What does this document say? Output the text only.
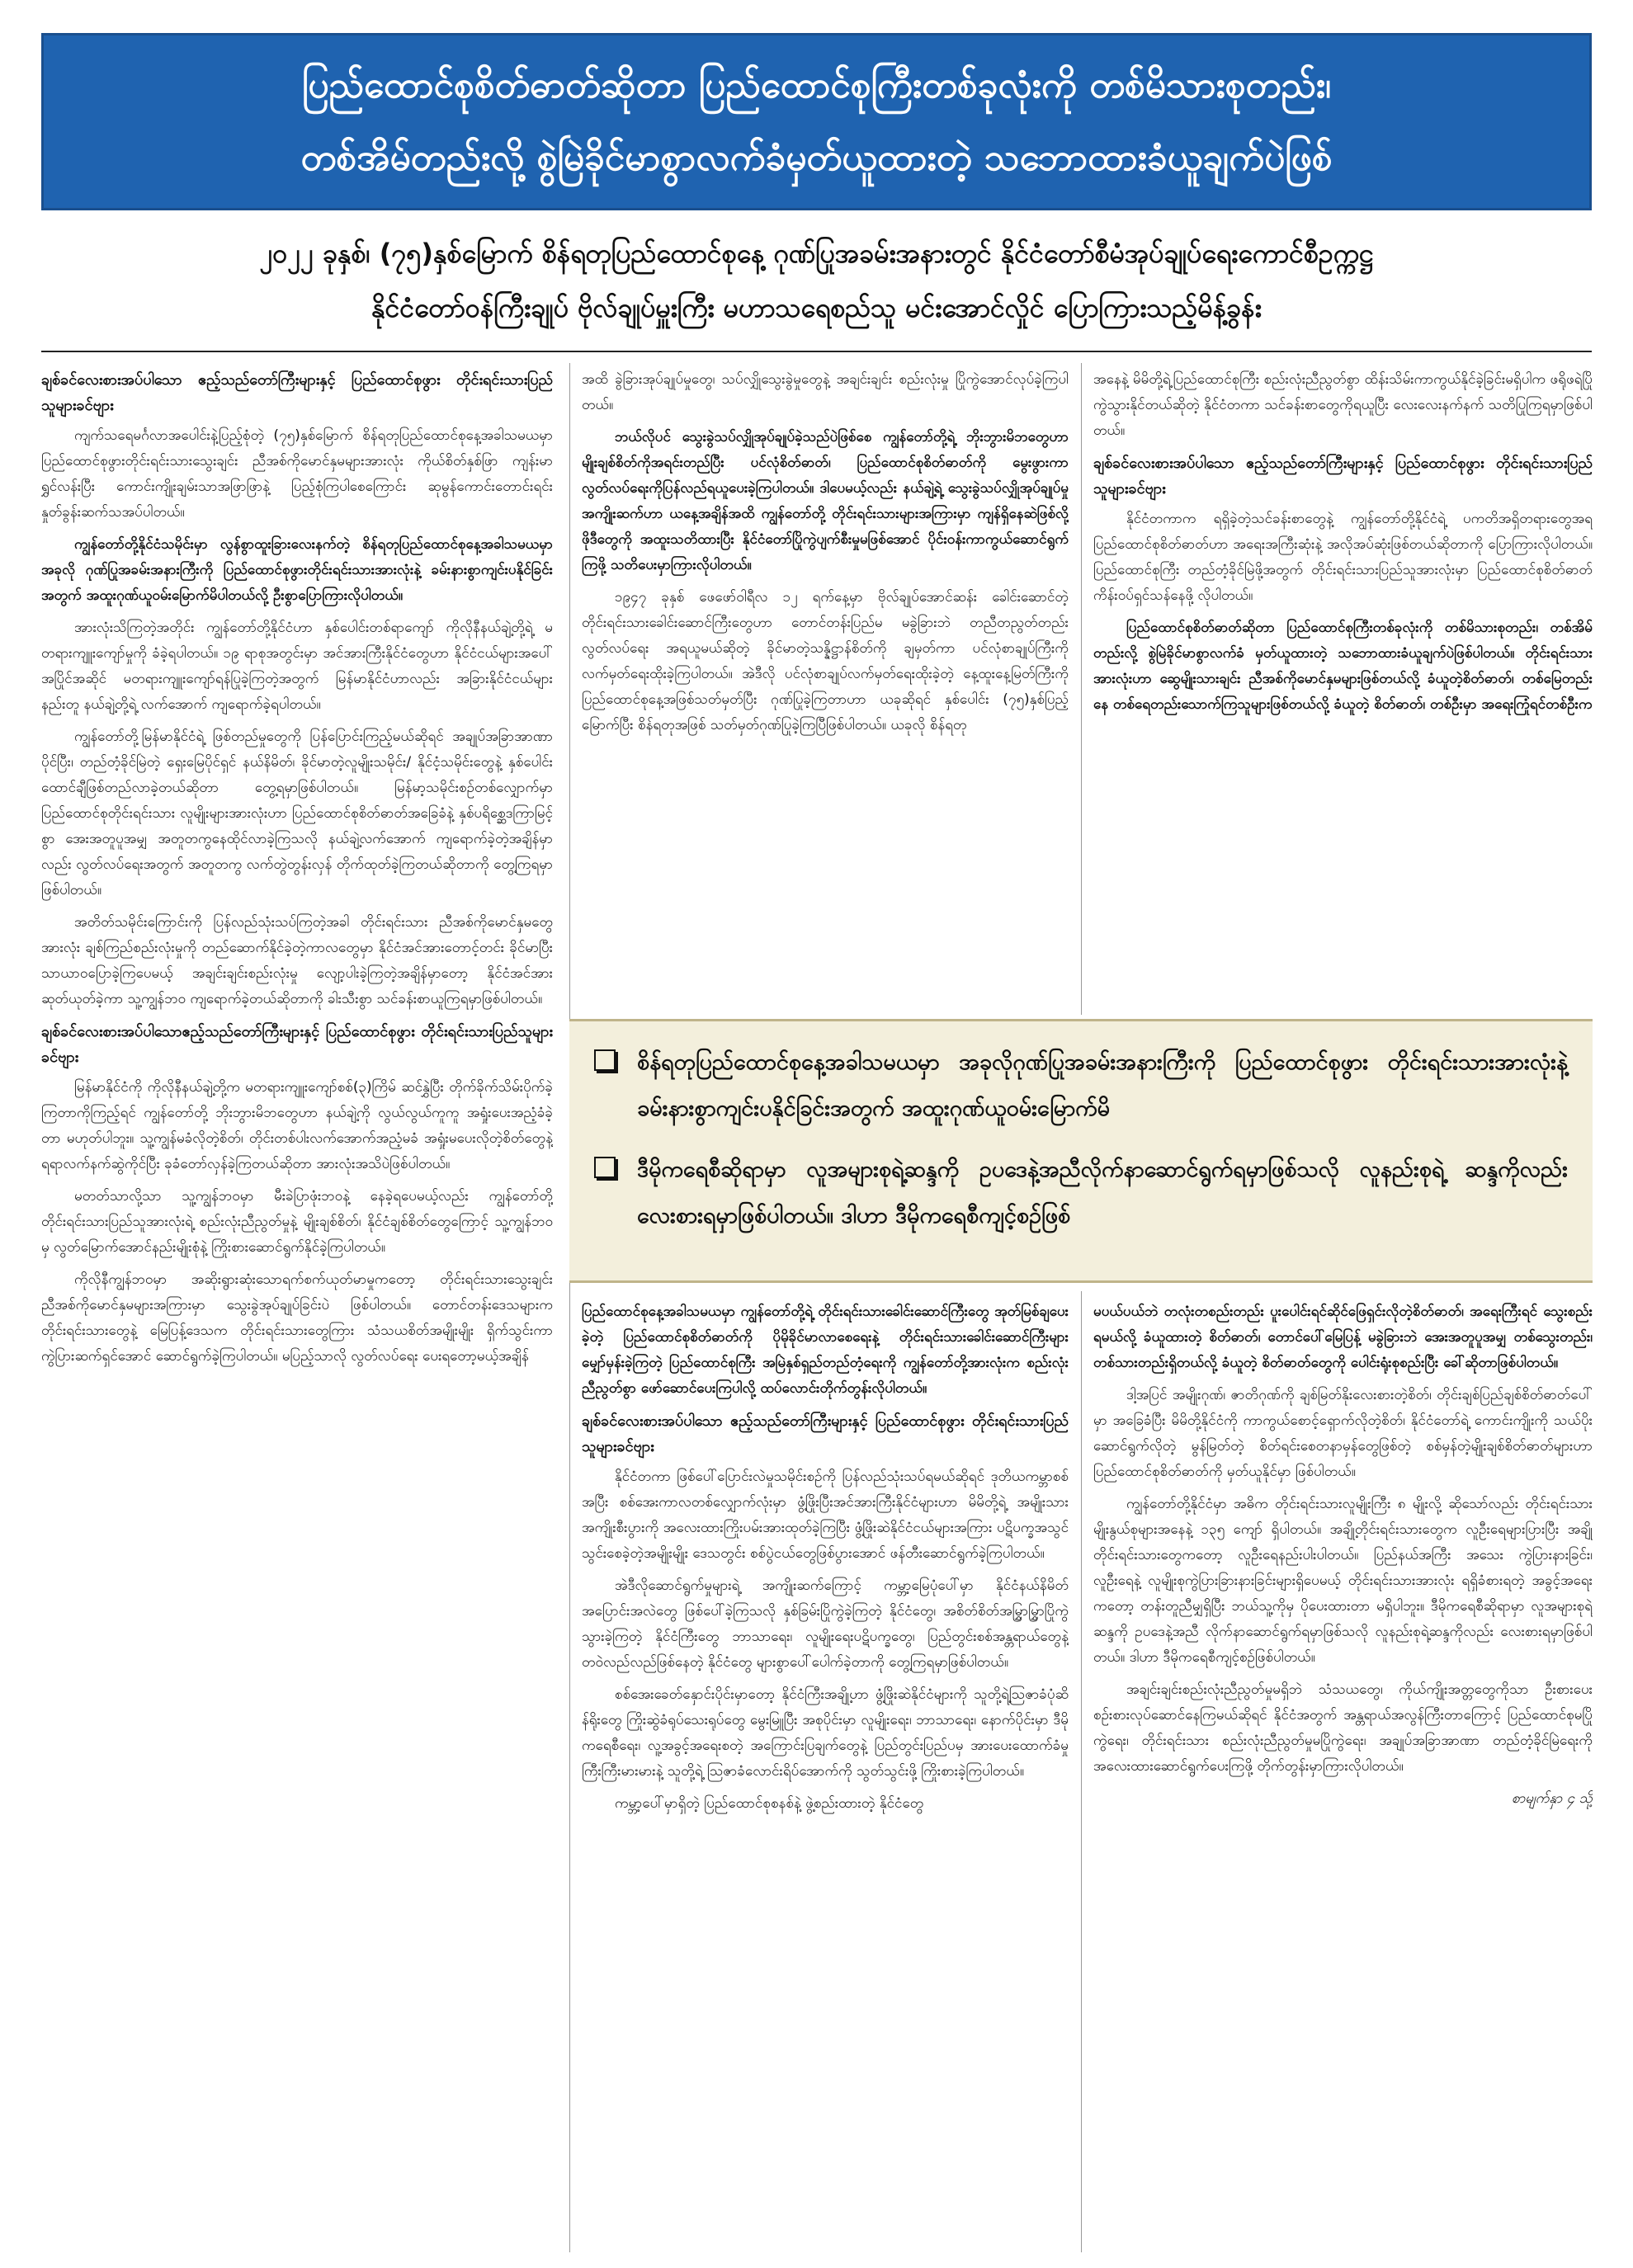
ပြည်ထောင်စုစိတ်ဓာတ်ဆိုတာ ပြည်ထောင်စုကြီးတစ်ခုလုံးကို တစ်မိသားစုတည်း၊
တစ်အိမ်တည်းလို့ စွဲမြဲခိုင်မာစွာလက်ခံမှတ်ယူထားတဲ့ သဘောထားခံယူချက်ပဲဖြစ်
၂၀၂၂ ခုနှစ်၊ (၇၅)နှစ်မြောက် စိန်ရတုပြည်ထောင်စုနေ့ ဂုဏ်ပြုအခမ်းအနားတွင် နိုင်ငံတော်စီမံအုပ်ချုပ်ရေးကောင်စီဥက္ကဋ္ဌ
နိုင်ငံတော်ဝန်ကြီးချုပ် ဗိုလ်ချုပ်မှူးကြီး မဟာသရေစည်သူ မင်းအောင်လှိုင် ပြောကြားသည့်မိန့်ခွန်း

ချစ်ခင်လေးစားအပ်ပါသော ဧည့်သည်တော်ကြီးများနှင့် ပြည်ထောင်စုဖွား တိုင်းရင်းသားပြည်သူများခင်ဗျား

ကျက်သရေမင်္ဂလာအပေါင်းနဲ့ပြည့်စုံတဲ့ (၇၅)နှစ်မြောက် စိန်ရတုပြည်ထောင်စုနေ့အခါသမယမှာ ပြည်ထောင်စုဖွားတိုင်းရင်းသားသွေးချင်း ညီအစ်ကိုမောင်နှမများအားလုံး ကိုယ်စိတ်နှစ်ဖြာ ကျန်းမာရွှင်လန်းပြီး ကောင်းကျိုးချမ်းသာအဖြာဖြာနဲ့ ပြည့်စုံကြပါစေကြောင်း ဆုမွန်ကောင်းတောင်းရင်း နှုတ်ခွန်းဆက်သအပ်ပါတယ်။

ကျွန်တော်တို့နိုင်ငံသမိုင်းမှာ လွန်စွာထူးခြားလေးနက်တဲ့ စိန်ရတုပြည်ထောင်စုနေ့အခါသမယမှာ အခုလို ဂုဏ်ပြုအခမ်းအနားကြီးကို ပြည်ထောင်စုဖွားတိုင်းရင်းသားအားလုံးနဲ့ ခမ်းနားစွာကျင်းပနိုင်ခြင်းအတွက် အထူးဂုဏ်ယူဝမ်းမြောက်မိပါတယ်လို့ ဦးစွာပြောကြားလိုပါတယ်။

အားလုံးသိကြတဲ့အတိုင်း ကျွန်တော်တို့နိုင်ငံဟာ နှစ်ပေါင်းတစ်ရာကျော် ကိုလိုနီနယ်ချဲ့တို့ရဲ့ မတရားကျူးကျော်မှုကို ခံခဲ့ရပါတယ်။ ၁၉ ရာစုအတွင်းမှာ အင်အားကြီးနိုင်ငံတွေဟာ နိုင်ငံငယ်များအပေါ် အပြိုင်အဆိုင် မတရားကျူးကျော်ရန်ပြုခဲ့ကြတဲ့အတွက် မြန်မာနိုင်ငံဟာလည်း အခြားနိုင်ငံငယ်များနည်းတူ နယ်ချဲ့တို့ရဲ့ လက်အောက် ကျရောက်ခဲ့ရပါတယ်။

ကျွန်တော်တို့မြန်မာနိုင်ငံရဲ့ ဖြစ်တည်မှုတွေကို ပြန်ပြောင်းကြည့်မယ်ဆိုရင် အချုပ်အခြာအာဏာပိုင်ပြီး၊ တည်တံ့ခိုင်မြဲတဲ့ ရှေးမြေပိုင်ရှင် နယ်နိမိတ်၊ ခိုင်မာတဲ့လူမျိုးသမိုင်း/ နိုင်ငံ့သမိုင်းတွေနဲ့ နှစ်ပေါင်းထောင်ချီဖြစ်တည်လာခဲ့တယ်ဆိုတာ တွေ့ရမှာဖြစ်ပါတယ်။ မြန်မာ့သမိုင်းစဉ်တစ်လျှောက်မှာ ပြည်ထောင်စုတိုင်းရင်းသား လူမျိုးများအားလုံးဟာ ပြည်ထောင်စုစိတ်ဓာတ်အခြေခံနဲ့ နှစ်ပရိစ္ဆေဒကြာမြင့်စွာ အေးအတူပူအမျှ အတူတကွနေထိုင်လာခဲ့ကြသလို နယ်ချဲ့လက်အောက် ကျရောက်ခဲ့တဲ့အချိန်မှာလည်း လွတ်လပ်ရေးအတွက် အတူတကွ လက်တွဲတွန်းလှန် တိုက်ထုတ်ခဲ့ကြတယ်ဆိုတာကို တွေ့ကြရမှာဖြစ်ပါတယ်။

အတိတ်သမိုင်းကြောင်းကို ပြန်လည်သုံးသပ်ကြတဲ့အခါ တိုင်းရင်းသား ညီအစ်ကိုမောင်နှမတွေအားလုံး ချစ်ကြည်စည်းလုံးမှုကို တည်ဆောက်နိုင်ခဲ့တဲ့ကာလတွေမှာ နိုင်ငံအင်အားတောင့်တင်း ခိုင်မာပြီး သာယာဝပြောခဲ့ကြပေမယ့် အချင်းချင်းစည်းလုံးမှု လျော့ပါးခဲ့ကြတဲ့အချိန်မှာတော့ နိုင်ငံအင်အားဆုတ်ယုတ်ခဲ့ကာ သူ့ကျွန်ဘဝ ကျရောက်ခဲ့တယ်ဆိုတာကို ခါးသီးစွာ သင်ခန်းစာယူကြရမှာဖြစ်ပါတယ်။

ချစ်ခင်လေးစားအပ်ပါသောဧည့်သည်တော်ကြီးများနှင့် ပြည်ထောင်စုဖွား တိုင်းရင်းသားပြည်သူများခင်ဗျား

မြန်မာနိုင်ငံကို ကိုလိုနီနယ်ချဲ့တို့က မတရားကျူးကျော်စစ်(၃)ကြိမ် ဆင်နွှဲပြီး တိုက်ခိုက်သိမ်းပိုက်ခဲ့ကြတာကိုကြည့်ရင် ကျွန်တော်တို့ ဘိုးဘွားမိဘတွေဟာ နယ်ချဲ့ကို လွယ်လွယ်ကူကူ အရှုံးပေးအညံ့ခံခဲ့တာ မဟုတ်ပါဘူး။ သူ့ကျွန်မခံလိုတဲ့စိတ်၊ တိုင်းတစ်ပါးလက်အောက်အညံ့မခံ အရှုံးမပေးလိုတဲ့စိတ်တွေနဲ့ ရရာလက်နက်ဆွဲကိုင်ပြီး ခုခံတော်လှန်ခဲ့ကြတယ်ဆိုတာ အားလုံးအသိပဲဖြစ်ပါတယ်။

မတတ်သာလို့သာ သူ့ကျွန်ဘဝမှာ မီးခဲပြာဖုံးဘဝနဲ့ နေခဲ့ရပေမယ့်လည်း ကျွန်တော်တို့ တိုင်းရင်းသားပြည်သူအားလုံးရဲ့ စည်းလုံးညီညွတ်မှုနဲ့ မျိုးချစ်စိတ်၊ နိုင်ငံချစ်စိတ်တွေကြောင့် သူ့ကျွန်ဘဝမှ လွတ်မြောက်အောင်နည်းမျိုးစုံနဲ့ ကြိုးစားဆောင်ရွက်နိုင်ခဲ့ကြပါတယ်။

ကိုလိုနီကျွန်ဘဝမှာ အဆိုးရွားဆုံးသောရက်စက်ယုတ်မာမှုကတော့ တိုင်းရင်းသားသွေးချင်း ညီအစ်ကိုမောင်နှမများအကြားမှာ သွေးခွဲအုပ်ချုပ်ခြင်းပဲ ဖြစ်ပါတယ်။ တောင်တန်းဒေသများကတိုင်းရင်းသားတွေနဲ့ မြေပြန့်ဒေသက တိုင်းရင်းသားတွေကြား သံသယစိတ်အမျိုးမျိုး ရှိက်သွင်းကာ ကွဲပြားဆက်ရှင်အောင် ဆောင်ရွက်ခဲ့ကြပါတယ်။ မပြည့်သာလို လွတ်လပ်ရေး ပေးရတော့မယ့်အချိန်

အထိ ခွဲခြားအုပ်ချုပ်မှုတွေ၊ သပ်လျှိုသွေးခွဲမှုတွေနဲ့ အချင်းချင်း စည်းလုံးမှု ပြိုကွဲအောင်လုပ်ခဲ့ကြပါတယ်။

ဘယ်လိုပင် သွေးခွဲသပ်လျှိုအုပ်ချုပ်ခဲ့သည်ပဲဖြစ်စေ ကျွန်တော်တို့ရဲ့ ဘိုးဘွားမိဘတွေဟာ မျိုးချစ်စိတ်ကိုအရင်းတည်ပြီး ပင်လုံစိတ်ဓာတ်၊ ပြည်ထောင်စုစိတ်ဓာတ်ကို မွေးဖွားကာ လွတ်လပ်ရေးကိုပြန်လည်ရယူပေးခဲ့ကြပါတယ်။ ဒါပေမယ့်လည်း နယ်ချဲ့ရဲ့ သွေးခွဲသပ်လျှိုအုပ်ချုပ်မှု အကျိုးဆက်ဟာ ယနေ့အချိန်အထိ ကျွန်တော်တို့ တိုင်းရင်းသားများအကြားမှာ ကျန်ရှိနေဆဲဖြစ်လို့ ဖိုဒီတွေကို အထူးသတိထားပြီး နိုင်ငံတော်ပြိုကွဲပျက်စီးမှုမဖြစ်အောင် ပိုင်းဝန်းကာကွယ်ဆောင်ရွက်ကြဖို့ သတိပေးမှာကြားလိုပါတယ်။

၁၉၄၇ ခုနှစ် ဖေဖော်ဝါရီလ ၁၂ ရက်နေ့မှာ ဗိုလ်ချုပ်အောင်ဆန်း ခေါင်းဆောင်တဲ့ တိုင်းရင်းသားခေါင်းဆောင်ကြီးတွေဟာ တောင်တန်းပြည်မ မခွဲခြားဘဲ တညီတညွတ်တည်း လွတ်လပ်ရေး အရယူမယ်ဆိုတဲ့ ခိုင်မာတဲ့သန္နိဋ္ဌာန်စိတ်ကို ချမှတ်ကာ ပင်လုံစာချုပ်ကြီးကို လက်မှတ်ရေးထိုးခဲ့ကြပါတယ်။ အဲဒီလို ပင်လုံစာချုပ်လက်မှတ်ရေးထိုးခဲ့တဲ့ နေ့ထူးနေ့မြတ်ကြီးကို ပြည်ထောင်စုနေ့အဖြစ်သတ်မှတ်ပြီး ဂုဏ်ပြုခဲ့ကြတာဟာ ယခုဆိုရင် နှစ်ပေါင်း (၇၅)နှစ်ပြည့်မြောက်ပြီး စိန်ရတုအဖြစ် သတ်မှတ်ဂုဏ်ပြုခဲ့ကြပြီဖြစ်ပါတယ်။ ယခုလို စိန်ရတု

အနေနဲ့ မိမိတို့ရဲ့ပြည်ထောင်စုကြီး စည်းလုံးညီညွတ်စွာ ထိန်းသိမ်းကာကွယ်နိုင်ခဲ့ခြင်းမရှိပါက ဖရိုဖရဲပြိုကွဲသွားနိုင်တယ်ဆိုတဲ့ နိုင်ငံတကာ သင်ခန်းစာတွေကိုရယူပြီး လေးလေးနက်နက် သတိပြုကြရမှာဖြစ်ပါတယ်။

ချစ်ခင်လေးစားအပ်ပါသော ဧည့်သည်တော်ကြီးများနှင့် ပြည်ထောင်စုဖွား တိုင်းရင်းသားပြည်သူများခင်ဗျား

နိုင်ငံတကာက ရရှိခဲ့တဲ့သင်ခန်းစာတွေနဲ့ ကျွန်တော်တို့နိုင်ငံရဲ့ ပကတိအရှိတရားတွေအရ ပြည်ထောင်စုစိတ်ဓာတ်ဟာ အရေးအကြီးဆုံးနဲ့ အလိုအပ်ဆုံးဖြစ်တယ်ဆိုတာကို ပြောကြားလိုပါတယ်။ ပြည်ထောင်စုကြီး တည်တံ့ခိုင်မြဲဖို့အတွက် တိုင်းရင်းသားပြည်သူအားလုံးမှာ ပြည်ထောင်စုစိတ်ဓာတ် ကိန်းဝပ်ရှင်သန်နေဖို့ လိုပါတယ်။

ပြည်ထောင်စုစိတ်ဓာတ်ဆိုတာ ပြည်ထောင်စုကြီးတစ်ခုလုံးကို တစ်မိသားစုတည်း၊ တစ်အိမ်တည်းလို့ စွဲမြဲခိုင်မာစွာလက်ခံ မှတ်ယူထားတဲ့ သဘောထားခံယူချက်ပဲဖြစ်ပါတယ်။ တိုင်းရင်းသားအားလုံးဟာ ဆွေမျိုးသားချင်း ညီအစ်ကိုမောင်နှမများဖြစ်တယ်လို့ ခံယူတဲ့စိတ်ဓာတ်၊ တစ်မြေတည်းနေ တစ်ရေတည်းသောက်ကြသူများဖြစ်တယ်လို့ ခံယူတဲ့ စိတ်ဓာတ်၊ တစ်ဦးမှာ အရေးကြုံရင်တစ်ဦးက

စိန်ရတုပြည်ထောင်စုနေ့အခါသမယမှာ အခုလိုဂုဏ်ပြုအခမ်းအနားကြီးကို ပြည်ထောင်စုဖွား တိုင်းရင်းသားအားလုံးနဲ့ ခမ်းနားစွာကျင်းပနိုင်ခြင်းအတွက် အထူးဂုဏ်ယူဝမ်းမြောက်မိ
ဒီမိုကရေစီဆိုရာမှာ လူအများစုရဲ့ဆန္ဒကို ဥပဒေနဲ့အညီလိုက်နာဆောင်ရွက်ရမှာဖြစ်သလို လူနည်းစုရဲ့ ဆန္ဒကိုလည်း လေးစားရမှာဖြစ်ပါတယ်။ ဒါဟာ ဒီမိုကရေစီကျင့်စဉ်ဖြစ်

ပြည်ထောင်စုနေ့အခါသမယမှာ ကျွန်တော်တို့ရဲ့ တိုင်းရင်းသားခေါင်းဆောင်ကြီးတွေ အုတ်မြစ်ချပေးခဲ့တဲ့ ပြည်ထောင်စုစိတ်ဓာတ်ကို ပိုမိုခိုင်မာလာစေရေးနဲ့ တိုင်းရင်းသားခေါင်းဆောင်ကြီးများ မျှော်မှန်းခဲ့ကြတဲ့ ပြည်ထောင်စုကြီး အမြဲနှစ်ရှည်တည်တံ့ရေးကို ကျွန်တော်တို့အားလုံးက စည်းလုံးညီညွတ်စွာ ဖော်ဆောင်ပေးကြပါလို့ ထပ်လောင်းတိုက်တွန်းလိုပါတယ်။

ချစ်ခင်လေးစားအပ်ပါသော ဧည့်သည်တော်ကြီးများနှင့် ပြည်ထောင်စုဖွား တိုင်းရင်းသားပြည်သူများခင်ဗျား

နိုင်ငံတကာ ဖြစ်ပေါ်ပြောင်းလဲမှုသမိုင်းစဉ်ကို ပြန်လည်သုံးသပ်ရမယ်ဆိုရင် ဒုတိယကမ္ဘာစစ်အပြီး စစ်အေးကာလတစ်လျှောက်လုံးမှာ ဖွံ့ဖြိုးပြီးအင်အားကြီးနိုင်ငံများဟာ မိမိတို့ရဲ့ အမျိုးသား အကျိုးစီးပွားကို အလေးထားကြိုးပမ်းအားထုတ်ခဲ့ကြပြီး ဖွံ့ဖြိုးဆဲနိုင်ငံငယ်များအကြား ပဋိပက္ခအသွင် သွင်းစေခဲ့တဲ့အမျိုးမျိုး ဒေသတွင်း စစ်ပွဲငယ်တွေဖြစ်ပွားအောင် ဖန်တီးဆောင်ရွက်ခဲ့ကြပါတယ်။

အဲဒီလိုဆောင်ရွက်မှုများရဲ့ အကျိုးဆက်ကြောင့် ကမ္ဘာ့မြေပုံပေါ်မှာ နိုင်ငံနယ်နိမိတ်အပြောင်းအလဲတွေ ဖြစ်ပေါ်ခဲ့ကြသလို နှစ်ခြမ်းပြိုကွဲခဲ့ကြတဲ့ နိုင်ငံတွေ၊ အစိတ်စိတ်အမြွှာမြွှာပြိုကွဲသွားခဲ့ကြတဲ့ နိုင်ငံကြီးတွေ ဘာသာရေး၊ လူမျိုးရေးပဋိပက္ခတွေ၊ ပြည်တွင်းစစ်အန္တရာယ်တွေနဲ့ တဝဲလည်လည်ဖြစ်နေတဲ့ နိုင်ငံတွေ များစွာပေါ်ပေါက်ခဲ့တာကို တွေ့ကြရမှာဖြစ်ပါတယ်။

စစ်အေးခေတ်နှောင်းပိုင်းမှာတော့ နိုင်ငံကြီးအချို့ဟာ ဖွံ့ဖြိုးဆဲနိုင်ငံများကို သူတို့ရဲ့ဩဇာခံပုံဆိန်ရိုးတွေ ကြိုးဆွဲခံရုပ်သေးရုပ်တွေ မွေးမြူပြီး အစုပိုင်းမှာ လူမျိုးရေး၊ ဘာသာရေး၊ နောက်ပိုင်းမှာ ဒီမိုကရေစီရေး၊ လူ့အခွင့်အရေးစတဲ့ အကြောင်းပြချက်တွေနဲ့ ပြည်တွင်းပြည်ပမှ အားပေးထောက်ခံမှုကြီးကြီးမားမားနဲ့ သူတို့ရဲ့ ဩဇာခံလောင်းရိပ်အောက်ကို သွတ်သွင်းဖို့ ကြိုးစားခဲ့ကြပါတယ်။

ကမ္ဘာ့ပေါ်မှာရှိတဲ့ ပြည်ထောင်စုစနစ်နဲ့ ဖွဲ့စည်းထားတဲ့ နိုင်ငံတွေ

မပယ်ပယ်ဘဲ တလုံးတစည်းတည်း ပူးပေါင်းရင်ဆိုင်ဖြေရှင်းလိုတဲ့စိတ်ဓာတ်၊ အရေးကြီးရင် သွေးစည်းရမယ်လို့ ခံယူထားတဲ့ စိတ်ဓာတ်၊ တောင်ပေါ်မြေပြန့် မခွဲခြားဘဲ အေးအတူပူအမျှ တစ်သွေးတည်း၊ တစ်သားတည်းရှိတယ်လို့ ခံယူတဲ့ စိတ်ဓာတ်တွေကို ပေါင်းရုံးစုစည်းပြီး ခေါ်ဆိုတာဖြစ်ပါတယ်။

ဒါ့အပြင် အမျိုးဂုဏ်၊ ဇာတိဂုဏ်ကို ချစ်မြတ်နိုးလေးစားတဲ့စိတ်၊ တိုင်းချစ်ပြည်ချစ်စိတ်ဓာတ်ပေါ်မှာ အခြေခံပြီး မိမိတို့နိုင်ငံကို ကာကွယ်စောင့်ရှောက်လိုတဲ့စိတ်၊ နိုင်ငံတော်ရဲ့ ကောင်းကျိုးကို သယ်ပိုးဆောင်ရွက်လိုတဲ့ မွန်မြတ်တဲ့ စိတ်ရင်းစေတနာမှန်တွေဖြစ်တဲ့ စစ်မှန်တဲ့မျိုးချစ်စိတ်ဓာတ်များဟာ ပြည်ထောင်စုစိတ်ဓာတ်ကို မှတ်ယူနိုင်မှာ ဖြစ်ပါတယ်။

ကျွန်တော်တို့နိုင်ငံမှာ အဓိက တိုင်းရင်းသားလူမျိုးကြီး ၈ မျိုးလို့ ဆိုသော်လည်း တိုင်းရင်းသားမျိုးနွယ်စုများအနေနဲ့ ၁၃၅ ကျော် ရှိပါတယ်။ အချို့တိုင်းရင်းသားတွေက လူဦးရေများပြားပြီး အချို့ တိုင်းရင်းသားတွေကတော့ လူဦးရေနည်းပါးပါတယ်။ ပြည်နယ်အကြီး အသေး ကွဲပြားနားခြင်း၊ လူဦးရေနဲ့ လူမျိုးစုကွဲပြားခြားနားခြင်းများရှိပေမယ့် တိုင်းရင်းသားအားလုံး ရရှိခံစားရတဲ့ အခွင့်အရေးကတော့ တန်းတူညီမျှရှိပြီး ဘယ်သူ့ကိုမှ ပိုပေးထားတာ မရှိပါဘူး။ ဒီမိုကရေစီဆိုရာမှာ လူအများစုရဲ့ ဆန္ဒကို ဥပဒေနဲ့အညီ လိုက်နာဆောင်ရွက်ရမှာဖြစ်သလို လူနည်းစုရဲ့ဆန္ဒကိုလည်း လေးစားရမှာဖြစ်ပါတယ်။ ဒါဟာ ဒီမိုကရေစီကျင့်စဉ်ဖြစ်ပါတယ်။

အချင်းချင်းစည်းလုံးညီညွတ်မှုမရှိဘဲ သံသယတွေ၊ ကိုယ်ကျိုးအတ္တတွေကိုသာ ဦးစားပေးစဉ်းစားလုပ်ဆောင်နေကြမယ်ဆိုရင် နိုင်ငံအတွက် အန္တရာယ်အလွန်ကြီးတာကြောင့် ပြည်ထောင်စုမပြိုကွဲရေး၊ တိုင်းရင်းသား စည်းလုံးညီညွတ်မှုမပြိုကွဲရေး၊ အချုပ်အခြာအာဏာ တည်တံ့ခိုင်မြဲရေးကို အလေးထားဆောင်ရွက်ပေးကြဖို့ တိုက်တွန်းမှာကြားလိုပါတယ်။

စာမျက်နှာ ၄ သို့
